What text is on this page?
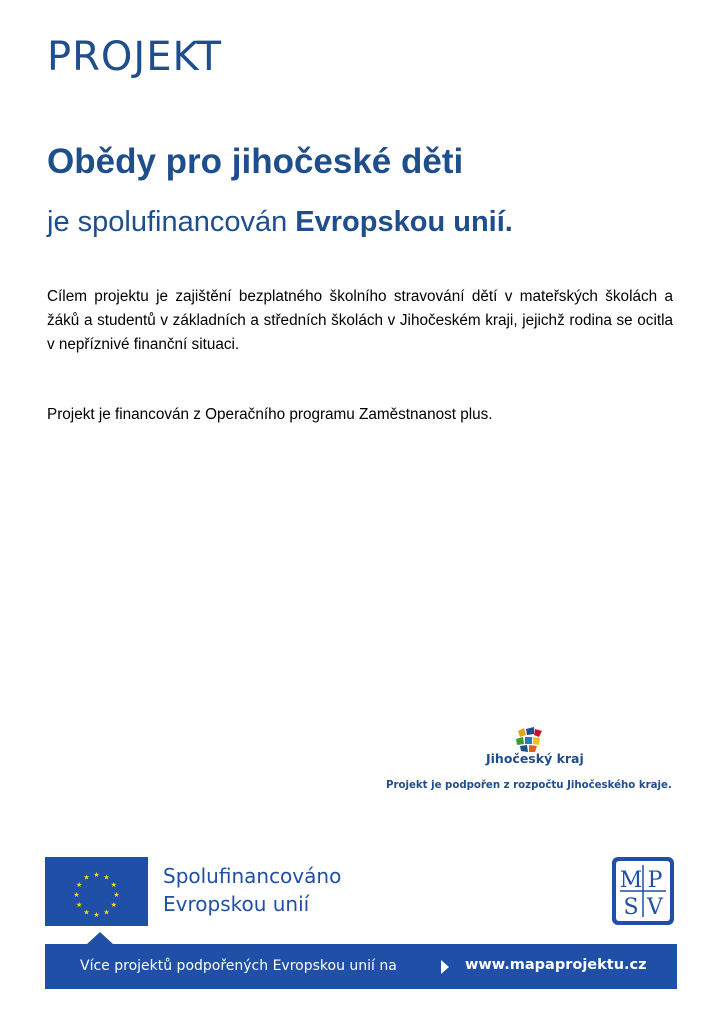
PROJEKT
Obědy pro jihočeské děti
je spolufinancován Evropskou unií.
Cílem projektu je zajištění bezplatného školního stravování dětí v mateřských školách a žáků a studentů v základních a středních školách v Jihočeském kraji, jejichž rodina se ocitla v nepříznivé finanční situaci.
Projekt je financován z Operačního programu Zaměstnanost plus.
Jihočeský kraj
Projekt je podpořen z rozpočtu Jihočeského kraje.
★ ★
★
★
★
★
★
★
★
★
★
★	Spolufinancováno
Evropskou unií
M P
S V
Více projektů podpořených Evropskou unií na	www.mapaprojektu.cz
